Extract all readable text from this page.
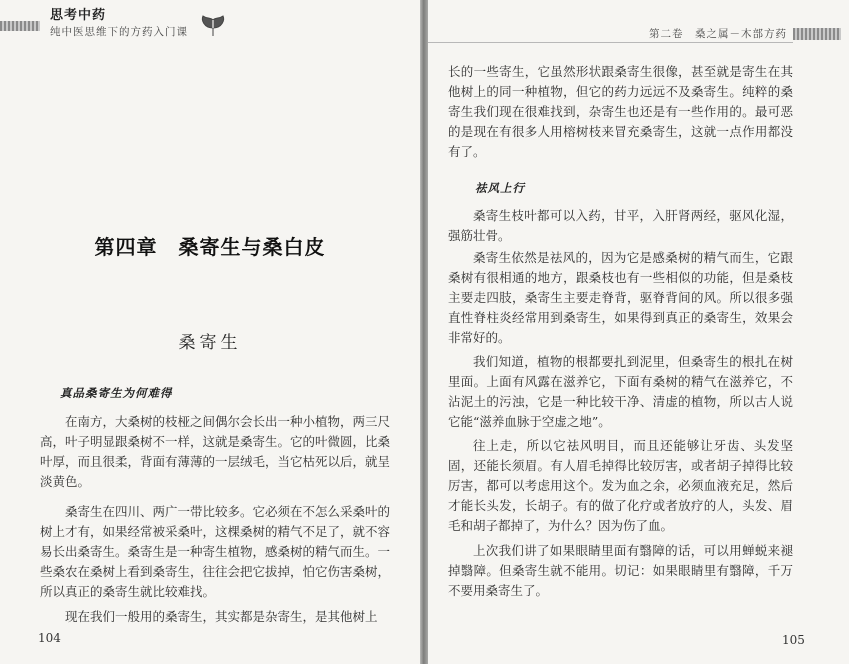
思考中药
纯中医思维下的方药入门课
第四章　桑寄生与桑白皮
桑寄生
真品桑寄生为何难得
在南方，大桑树的枝桠之间偶尔会长出一种小植物，两三尺高，叶子明显跟桑树不一样，这就是桑寄生。它的叶微圆，比桑叶厚，而且很柔，背面有薄薄的一层绒毛，当它枯死以后，就呈淡黄色。
桑寄生在四川、两广一带比较多。它必须在不怎么采桑叶的树上才有，如果经常被采桑叶，这棵桑树的精气不足了，就不容易长出桑寄生。桑寄生是一种寄生植物，感桑树的精气而生。一些桑农在桑树上看到桑寄生，往往会把它拔掉，怕它伤害桑树，所以真正的桑寄生就比较难找。
现在我们一般用的桑寄生，其实都是杂寄生，是其他树上
104
第二卷　桑之属－木部方药
长的一些寄生，它虽然形状跟桑寄生很像，甚至就是寄生在其他树上的同一种植物，但它的药力远远不及桑寄生。纯粹的桑寄生我们现在很难找到，杂寄生也还是有一些作用的。最可恶的是现在有很多人用榕树枝来冒充桑寄生，这就一点作用都没有了。
祛风上行
桑寄生枝叶都可以入药，甘平，入肝肾两经，驱风化湿，强筋壮骨。
桑寄生依然是祛风的，因为它是感桑树的精气而生，它跟桑树有很相通的地方，跟桑枝也有一些相似的功能，但是桑枝主要走四肢，桑寄生主要走脊背，驱脊背间的风。所以很多强直性脊柱炎经常用到桑寄生，如果得到真正的桑寄生，效果会非常好的。
我们知道，植物的根都要扎到泥里，但桑寄生的根扎在树里面。上面有风露在滋养它，下面有桑树的精气在滋养它，不沾泥土的污浊，它是一种比较干净、清虚的植物，所以古人说它能“滋养血脉于空虚之地”。
往上走，所以它祛风明目，而且还能够让牙齿、头发坚固，还能长须眉。有人眉毛掉得比较厉害，或者胡子掉得比较厉害，都可以考虑用这个。发为血之余，必须血液充足，然后才能长头发，长胡子。有的做了化疗或者放疗的人，头发、眉毛和胡子都掉了，为什么？因为伤了血。
上次我们讲了如果眼睛里面有翳障的话，可以用蝉蜕来褪掉翳障。但桑寄生就不能用。切记：如果眼睛里有翳障，千万不要用桑寄生了。
105
